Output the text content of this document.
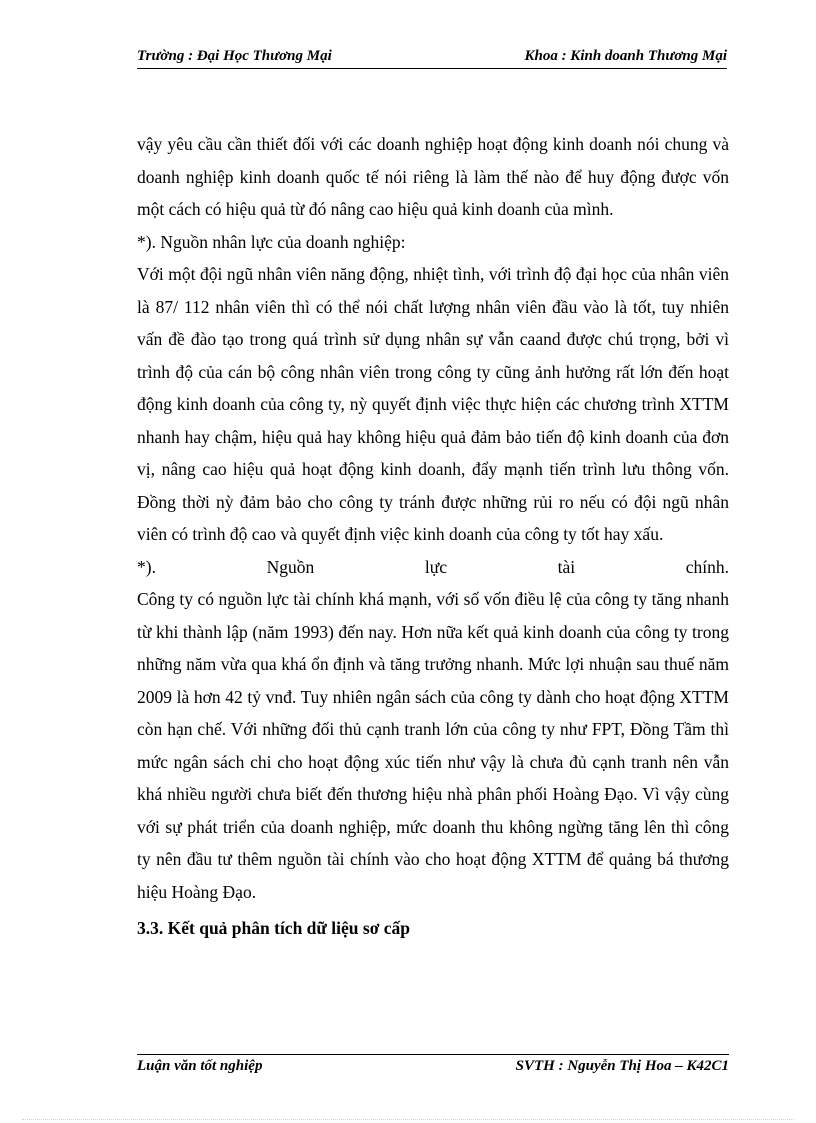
Trường : Đại Học Thương Mại	Khoa : Kinh doanh Thương Mại

vậy yêu cầu cần thiết đối với các doanh nghiệp hoạt động kinh doanh nói chung và doanh nghiệp kinh doanh quốc tế nói riêng là làm thế nào để huy động được vốn một cách có hiệu quả từ đó nâng cao hiệu quả kinh doanh của mình.

*). Nguồn nhân lực của doanh nghiệp:

Với một đội ngũ nhân viên năng động, nhiệt tình, với trình độ đại học của nhân viên là 87/ 112 nhân viên thì có thể nói chất lượng nhân viên đầu vào là tốt, tuy nhiên vấn đề đào tạo trong quá trình sử dụng nhân sự vẫn caand được chú trọng, bởi vì trình độ của cán bộ công nhân viên trong công ty cũng ảnh hưởng rất lớn đến hoạt động kinh doanh của công ty, nỳ quyết định việc thực hiện các chương trình XTTM nhanh hay chậm, hiệu quả hay không hiệu quả đảm bảo tiến độ kinh doanh của đơn vị, nâng cao hiệu quả hoạt động kinh doanh, đẩy mạnh tiến trình lưu thông vốn. Đồng thời nỳ đảm bảo cho công ty tránh được những rủi ro nếu có đội ngũ nhân viên có trình độ cao và quyết định việc kinh doanh của công ty tốt hay xấu.

*). Nguồn lực tài chính.

Công ty có nguồn lực tài chính khá mạnh, với số vốn điều lệ của công ty tăng nhanh từ khi thành lập (năm 1993) đến nay. Hơn nữa kết quả kinh doanh của công ty trong những năm vừa qua khá ổn định và tăng trưởng nhanh. Mức lợi nhuận sau thuế năm 2009 là hơn 42 tỷ vnđ. Tuy nhiên ngân sách của công ty dành cho hoạt động XTTM còn hạn chế. Với những đối thủ cạnh tranh lớn của công ty như FPT, Đồng Tầm thì mức ngân sách chi cho hoạt động xúc tiến như vậy là chưa đủ cạnh tranh nên vẫn khá nhiều người chưa biết đến thương hiệu nhà phân phối Hoàng Đạo. Vì vậy cùng với sự phát triển của doanh nghiệp, mức doanh thu không ngừng tăng lên thì công ty nên đầu tư thêm nguồn tài chính vào cho hoạt động XTTM để quảng bá thương hiệu Hoàng Đạo.

3.3. Kết quả phân tích dữ liệu sơ cấp

Luận văn tốt nghiệp	SVTH : Nguyễn Thị Hoa – K42C1
